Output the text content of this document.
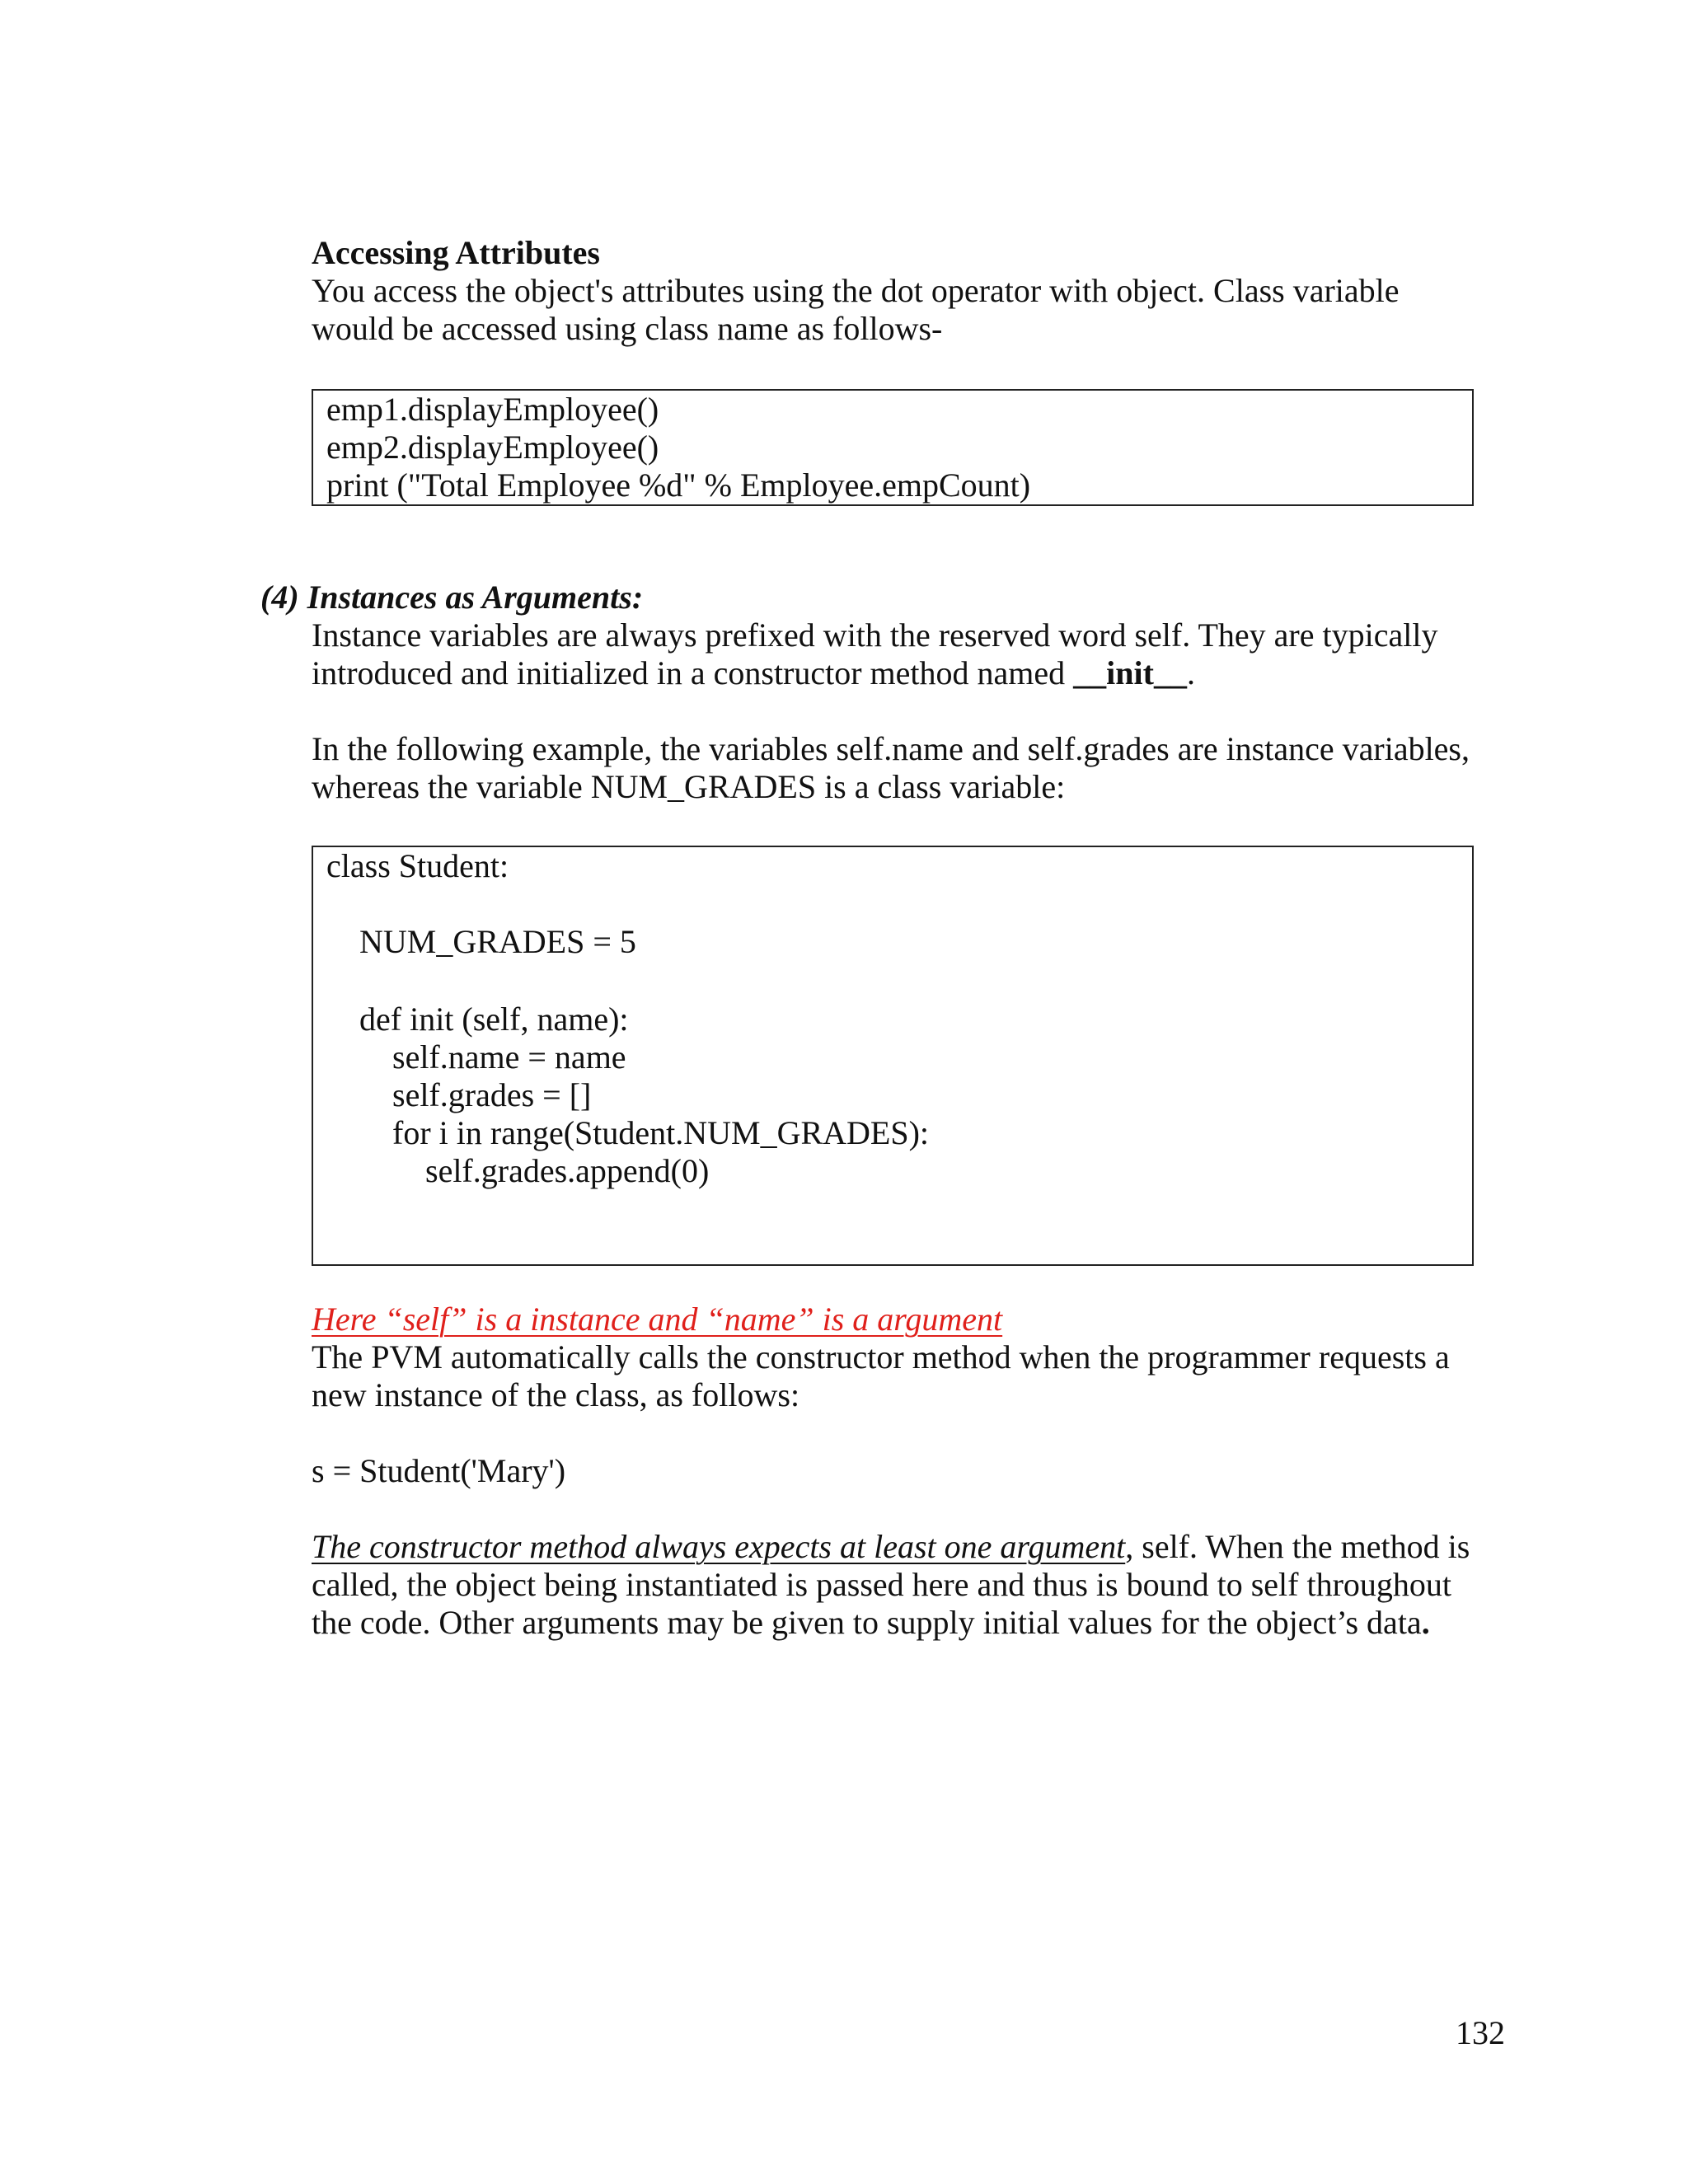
Accessing Attributes
You access the object's attributes using the dot operator with object. Class variable
would be accessed using class name as follows-
emp1.displayEmployee()
emp2.displayEmployee()
print ("Total Employee %d" % Employee.empCount)
(4) Instances as Arguments:
Instance variables are always prefixed with the reserved word self. They are typically
introduced and initialized in a constructor method named __init__.
In the following example, the variables self.name and self.grades are instance variables,
whereas the variable NUM_GRADES is a class variable:
class Student:
NUM_GRADES = 5
def init (self, name):
self.name = name
self.grades = []
for i in range(Student.NUM_GRADES):
self.grades.append(0)
Here “self” is a instance and “name” is a argument
The PVM automatically calls the constructor method when the programmer requests a
new instance of the class, as follows:
s = Student('Mary')
The constructor method always expects at least one argument, self. When the method is
called, the object being instantiated is passed here and thus is bound to self throughout
the code. Other arguments may be given to supply initial values for the object’s data.
132
